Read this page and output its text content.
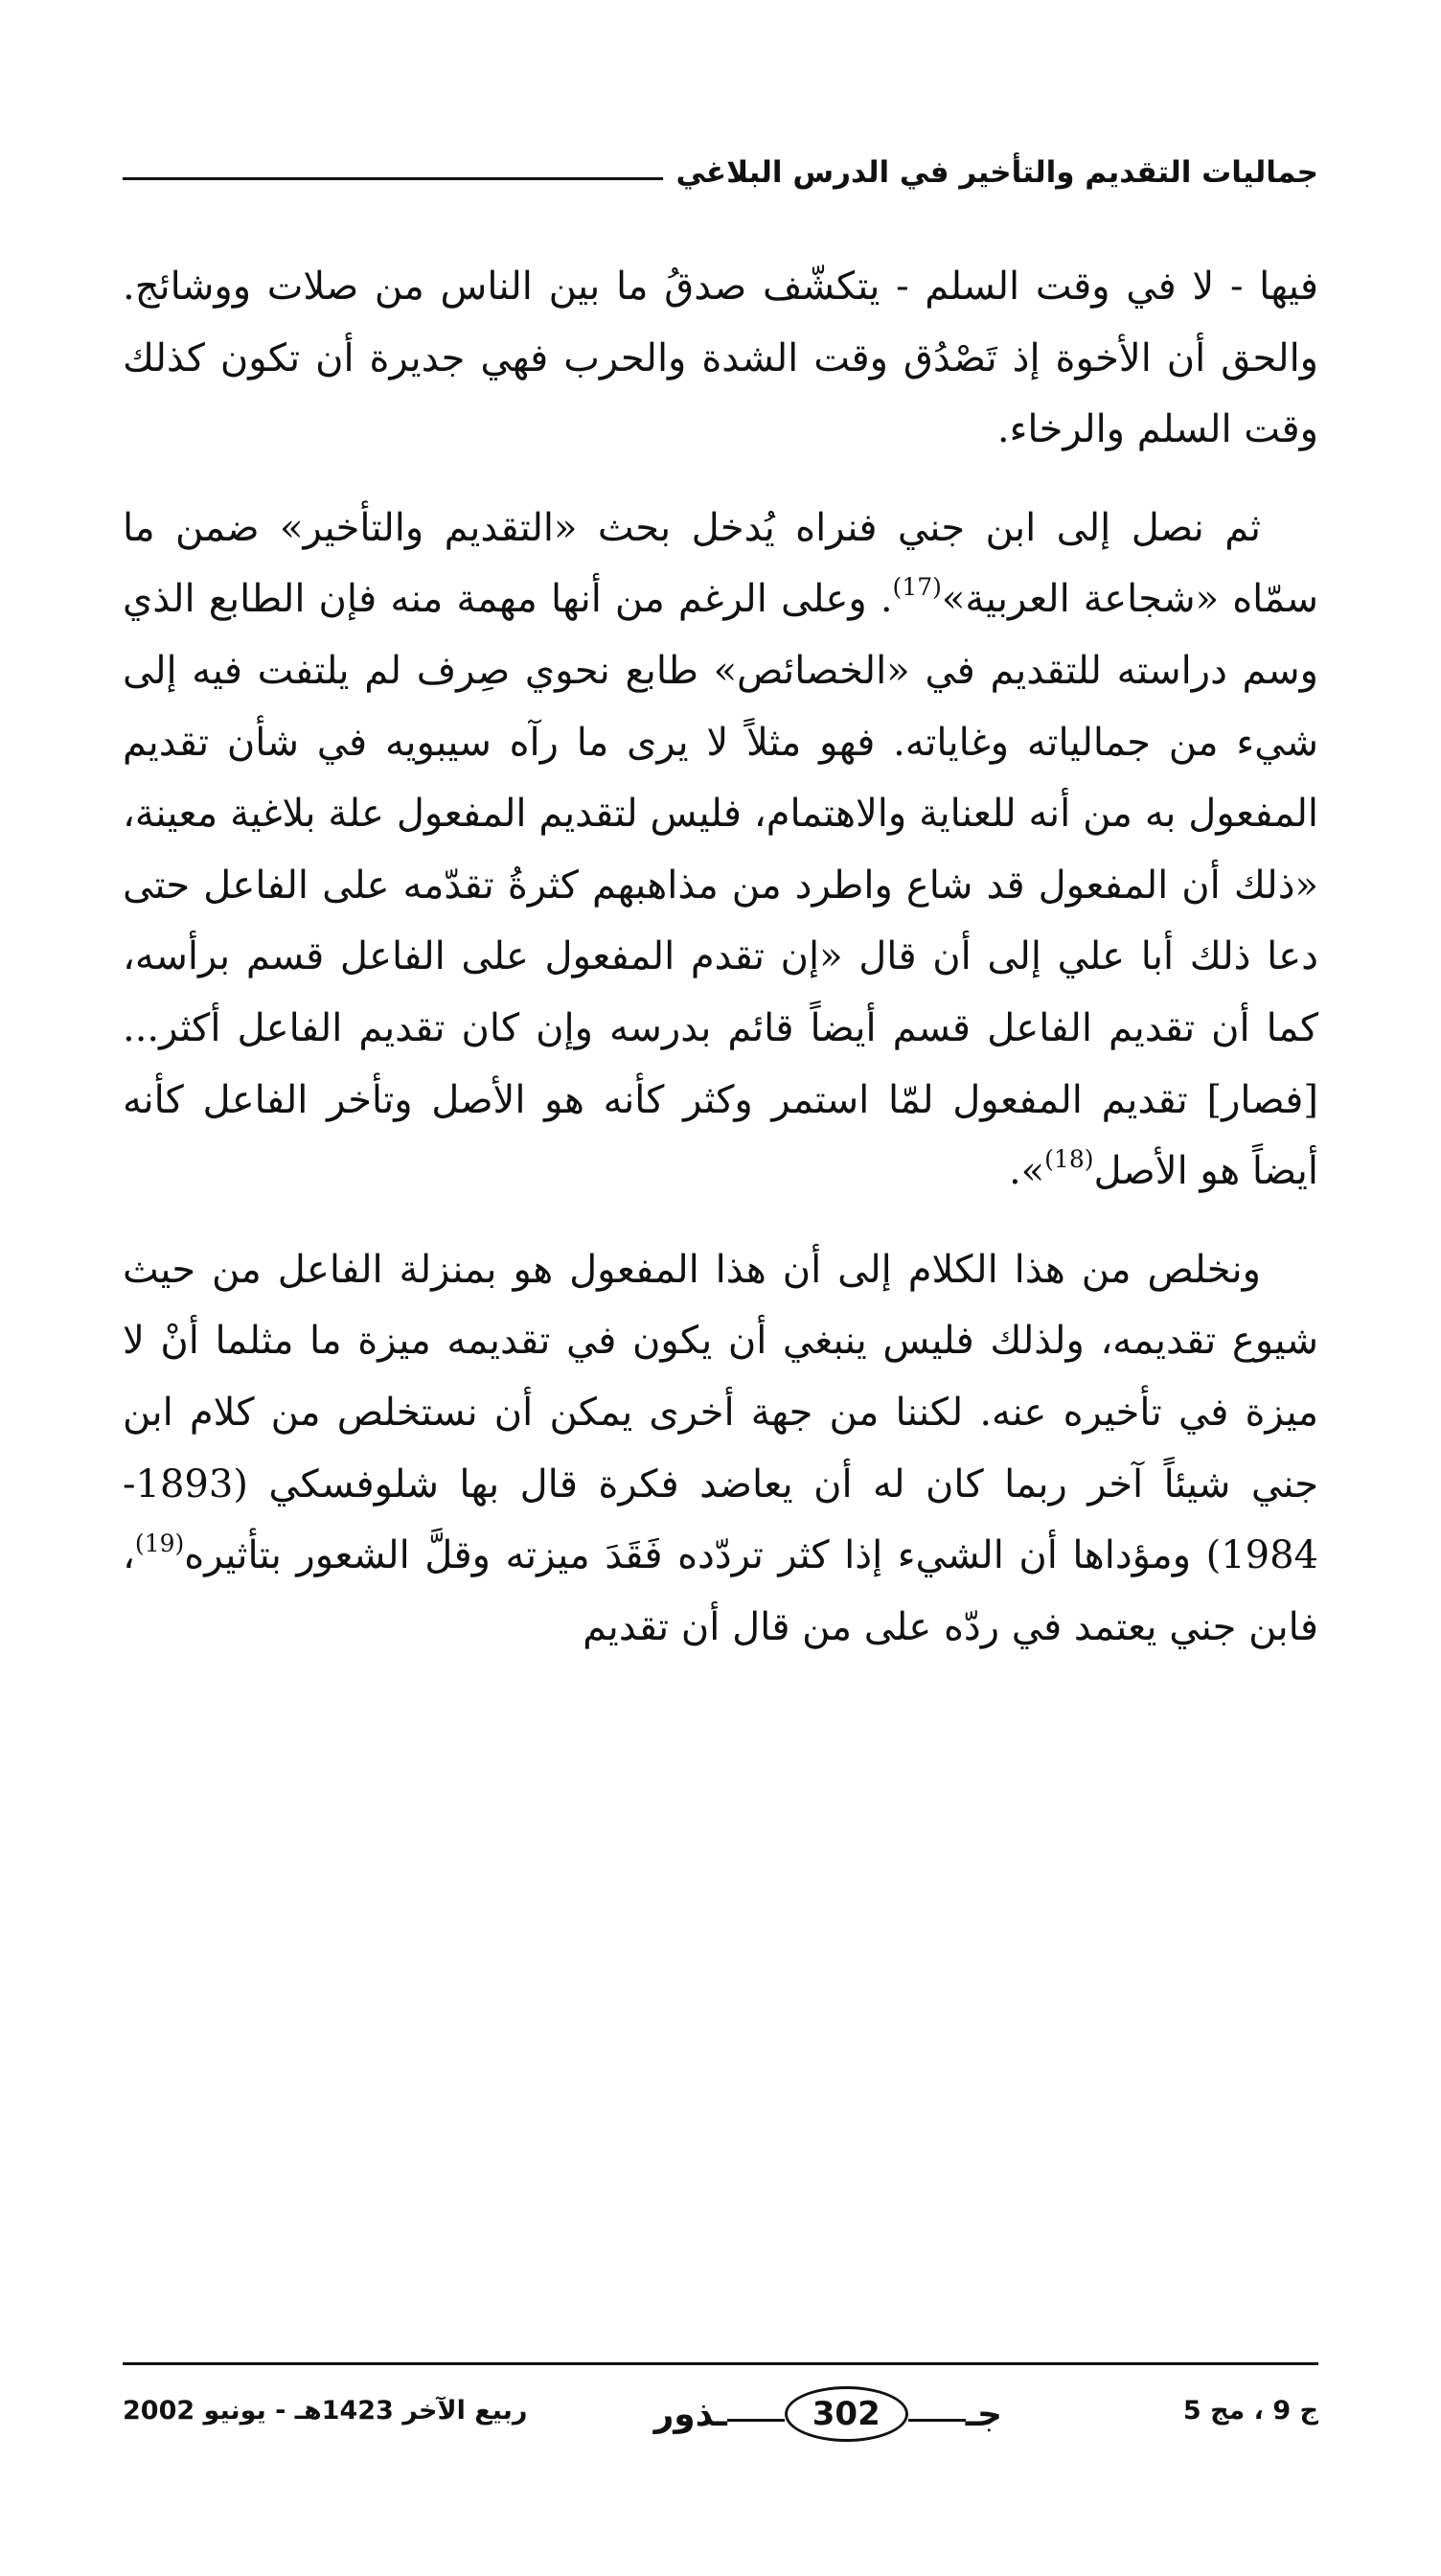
جماليات التقديم والتأخير في الدرس البلاغي

فيها - لا في وقت السلم - يتكشّف صدقُ ما بين الناس من صلات ووشائج. والحق أن الأخوة إذ تَصْدُق وقت الشدة والحرب فهي جديرة أن تكون كذلك وقت السلم والرخاء.

ثم نصل إلى ابن جني فنراه يُدخل بحث «التقديم والتأخير» ضمن ما سمّاه «شجاعة العربية»$^{(17)}$. وعلى الرغم من أنها مهمة منه فإن الطابع الذي وسم دراسته للتقديم في «الخصائص» طابع نحوي صِرف لم يلتفت فيه إلى شيء من جمالياته وغاياته. فهو مثلاً لا يرى ما رآه سيبويه في شأن تقديم المفعول به من أنه للعناية والاهتمام، فليس لتقديم المفعول علة بلاغية معينة، «ذلك أن المفعول قد شاع واطرد من مذاهبهم كثرةُ تقدّمه على الفاعل حتى دعا ذلك أبا علي إلى أن قال «إن تقدم المفعول على الفاعل قسم برأسه، كما أن تقديم الفاعل قسم أيضاً قائم بدرسه وإن كان تقديم الفاعل أكثر... [فصار] تقديم المفعول لمّا استمر وكثر كأنه هو الأصل وتأخر الفاعل كأنه أيضاً هو الأصل$^{(18)}$».

ونخلص من هذا الكلام إلى أن هذا المفعول هو بمنزلة الفاعل من حيث شيوع تقديمه، ولذلك فليس ينبغي أن يكون في تقديمه ميزة ما مثلما أنْ لا ميزة في تأخيره عنه. لكننا من جهة أخرى يمكن أن نستخلص من كلام ابن جني شيئاً آخر ربما كان له أن يعاضد فكرة قال بها شلوفسكي (1893-1984) ومؤداها أن الشيء إذا كثر تردّده فَقَدَ ميزته وقلَّ الشعور بتأثيره$^{(19)}$، فابن جني يعتمد في ردّه على من قال أن تقديم

ج 9 ، مج 5
جـ
302
ـذور
ربيع الآخر 1423هـ - يونيو 2002
